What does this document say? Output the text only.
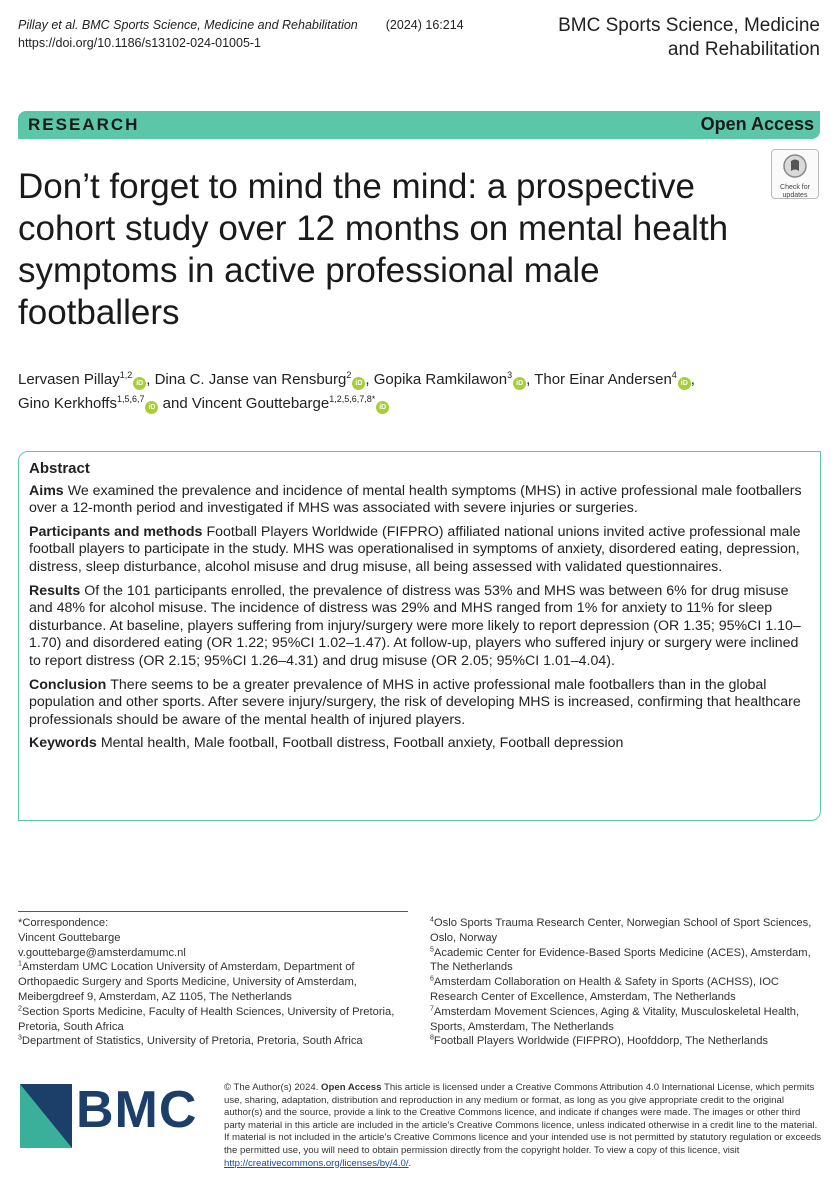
Pillay et al. BMC Sports Science, Medicine and Rehabilitation (2024) 16:214
https://doi.org/10.1186/s13102-024-01005-1
BMC Sports Science, Medicine
and Rehabilitation
RESEARCH	Open Access
Check for
updates
Don’t forget to mind the mind: a prospective cohort study over 12 months on mental health symptoms in active professional male footballers
Lervasen Pillay$^{1,2}$iD , Dina C. Janse van Rensburg$^2$iD , Gopika Ramkilawon$^3$iD , Thor Einar Andersen$^4$iD ,
Gino Kerkhoffs$^{1,5,6,7}$iD and Vincent Gouttebarge$^{1,2,5,6,7,8*}$iD
Abstract

Aims We examined the prevalence and incidence of mental health symptoms (MHS) in active professional male footballers over a 12-month period and investigated if MHS was associated with severe injuries or surgeries.

Participants and methods Football Players Worldwide (FIFPRO) affiliated national unions invited active professional male football players to participate in the study. MHS was operationalised in symptoms of anxiety, disordered eating, depression, distress, sleep disturbance, alcohol misuse and drug misuse, all being assessed with validated questionnaires.

Results Of the 101 participants enrolled, the prevalence of distress was 53% and MHS was between 6% for drug misuse and 48% for alcohol misuse. The incidence of distress was 29% and MHS ranged from 1% for anxiety to 11% for sleep disturbance. At baseline, players suffering from injury/surgery were more likely to report depression (OR 1.35; 95%CI 1.10–1.70) and disordered eating (OR 1.22; 95%CI 1.02–1.47). At follow-up, players who suffered injury or surgery were inclined to report distress (OR 2.15; 95%CI 1.26–4.31) and drug misuse (OR 2.05; 95%CI 1.01–4.04).

Conclusion There seems to be a greater prevalence of MHS in active professional male footballers than in the global population and other sports. After severe injury/surgery, the risk of developing MHS is increased, confirming that healthcare professionals should be aware of the mental health of injured players.

Keywords Mental health, Male football, Football distress, Football anxiety, Football depression

*Correspondence:
Vincent Gouttebarge
v.gouttebarge@amsterdamumc.nl
$^1$Amsterdam UMC Location University of Amsterdam, Department of Orthopaedic Surgery and Sports Medicine, University of Amsterdam, Meibergdreef 9, Amsterdam, AZ 1105, The Netherlands
$^2$Section Sports Medicine, Faculty of Health Sciences, University of Pretoria, Pretoria, South Africa
$^3$Department of Statistics, University of Pretoria, Pretoria, South Africa
$^4$Oslo Sports Trauma Research Center, Norwegian School of Sport Sciences, Oslo, Norway
$^5$Academic Center for Evidence-Based Sports Medicine (ACES), Amsterdam, The Netherlands
$^6$Amsterdam Collaboration on Health & Safety in Sports (ACHSS), IOC Research Center of Excellence, Amsterdam, The Netherlands
$^7$Amsterdam Movement Sciences, Aging & Vitality, Musculoskeletal Health, Sports, Amsterdam, The Netherlands
$^8$Football Players Worldwide (FIFPRO), Hoofddorp, The Netherlands
BMC	© The Author(s) 2024. Open Access This article is licensed under a Creative Commons Attribution 4.0 International License, which permits use, sharing, adaptation, distribution and reproduction in any medium or format, as long as you give appropriate credit to the original author(s) and the source, provide a link to the Creative Commons licence, and indicate if changes were made. The images or other third party material in this article are included in the article’s Creative Commons licence, unless indicated otherwise in a credit line to the material. If material is not included in the article’s Creative Commons licence and your intended use is not permitted by statutory regulation or exceeds the permitted use, you will need to obtain permission directly from the copyright holder. To view a copy of this licence, visit http://creativecommons.org/licenses/by/4.0/.
